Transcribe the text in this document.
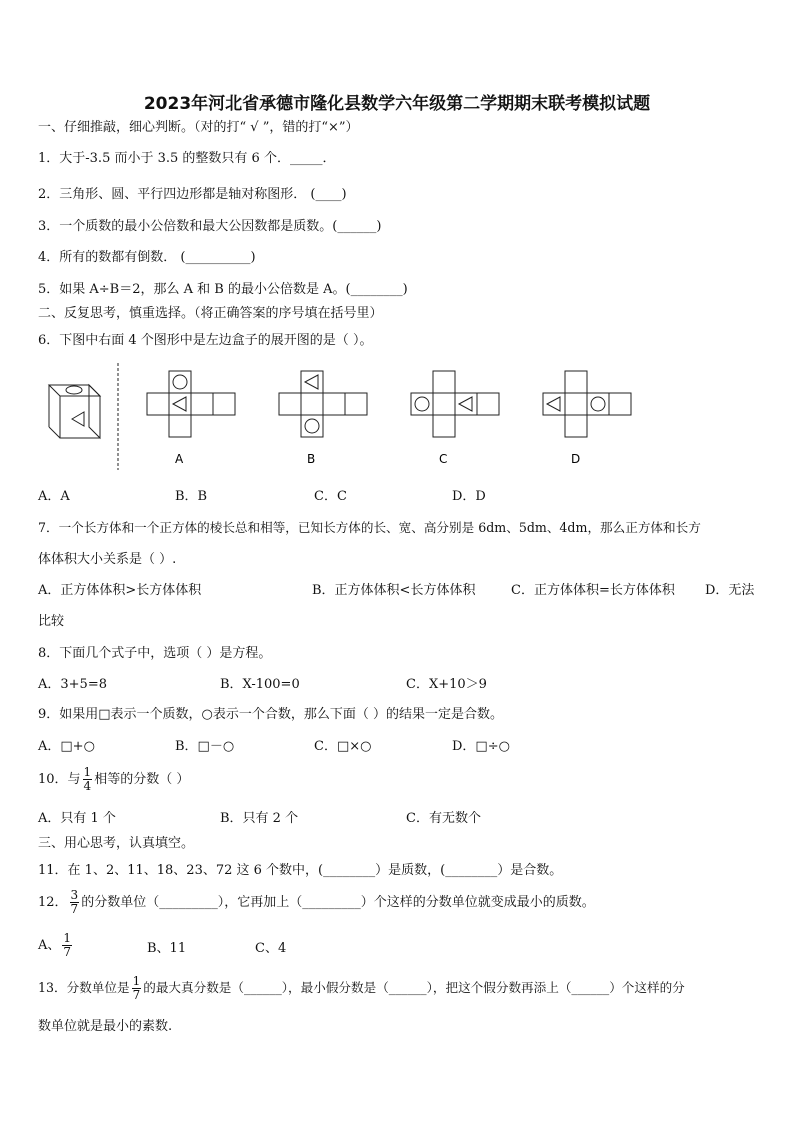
2023年河北省承德市隆化县数学六年级第二学期期末联考模拟试题
一、仔细推敲，细心判断。（对的打“ √ ”，错的打“×”）
1．大于-3.5 而小于 3.5 的整数只有 6 个．_____．
2．三角形、圆、平行四边形都是轴对称图形． (____)
3．一个质数的最小公倍数和最大公因数都是质数。(______)
4．所有的数都有倒数． (__________)
5．如果 A÷B＝2，那么 A 和 B 的最小公倍数是 A。(________)
二、反复思考，慎重选择。（将正确答案的序号填在括号里）
6．下图中右面 4 个图形中是左边盒子的展开图的是（ ）。
A	B	C	D
A．A	B．B	C．C	D．D
7．一个长方体和一个正方体的棱长总和相等，已知长方体的长、宽、高分别是 6dm、5dm、4dm，那么正方体和长方
体体积大小关系是（ ）.
A．正方体体积>长方体体积	B．正方体体积<长方体体积	C．正方体体积=长方体体积 D．无法
比较
8．下面几个式子中，选项（ ）是方程。
A．3+5=8	B．X-100=0	C．X+10＞9
9．如果用□表示一个质数，○表示一个合数，那么下面（ ）的结果一定是合数。
A．□+○	B．□－○	C．□×○	D．□÷○
10．与 $\frac{1}{4}$ 相等的分数（ ）
A．只有 1 个	B．只有 2 个	C．有无数个
三、用心思考，认真填空。
11．在 1、2、11、18、23、72 这 6 个数中，(________）是质数，(________）是合数。
12． $\frac{3}{7}$ 的分数单位（_________），它再加上（_________）个这样的分数单位就变成最小的质数。
A、 $\frac{1}{7}$	B、11	C、4
13．分数单位是 $\frac{1}{7}$ 的最大真分数是（______），最小假分数是（______），把这个假分数再添上（______）个这样的分
数单位就是最小的素数.
